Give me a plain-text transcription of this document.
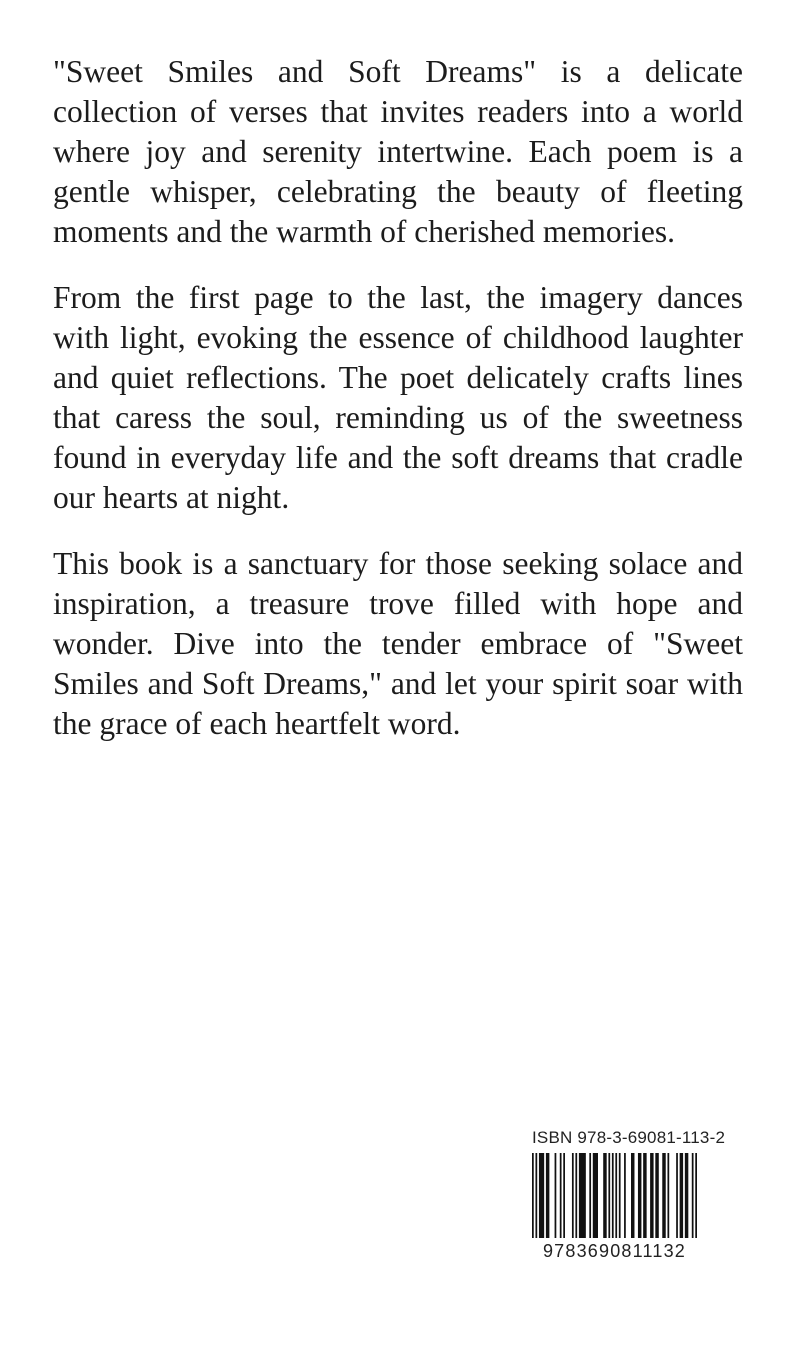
"Sweet Smiles and Soft Dreams" is a delicate collection of verses that invites readers into a world where joy and serenity intertwine. Each poem is a gentle whisper, celebrating the beauty of fleeting moments and the warmth of cherished memories.

From the first page to the last, the imagery dances with light, evoking the essence of childhood laughter and quiet reflections. The poet delicately crafts lines that caress the soul, reminding us of the sweetness found in everyday life and the soft dreams that cradle our hearts at night.

This book is a sanctuary for those seeking solace and inspiration, a treasure trove filled with hope and wonder. Dive into the tender embrace of "Sweet Smiles and Soft Dreams," and let your spirit soar with the grace of each heartfelt word.

ISBN 978-3-69081-113-2
9783690811132
